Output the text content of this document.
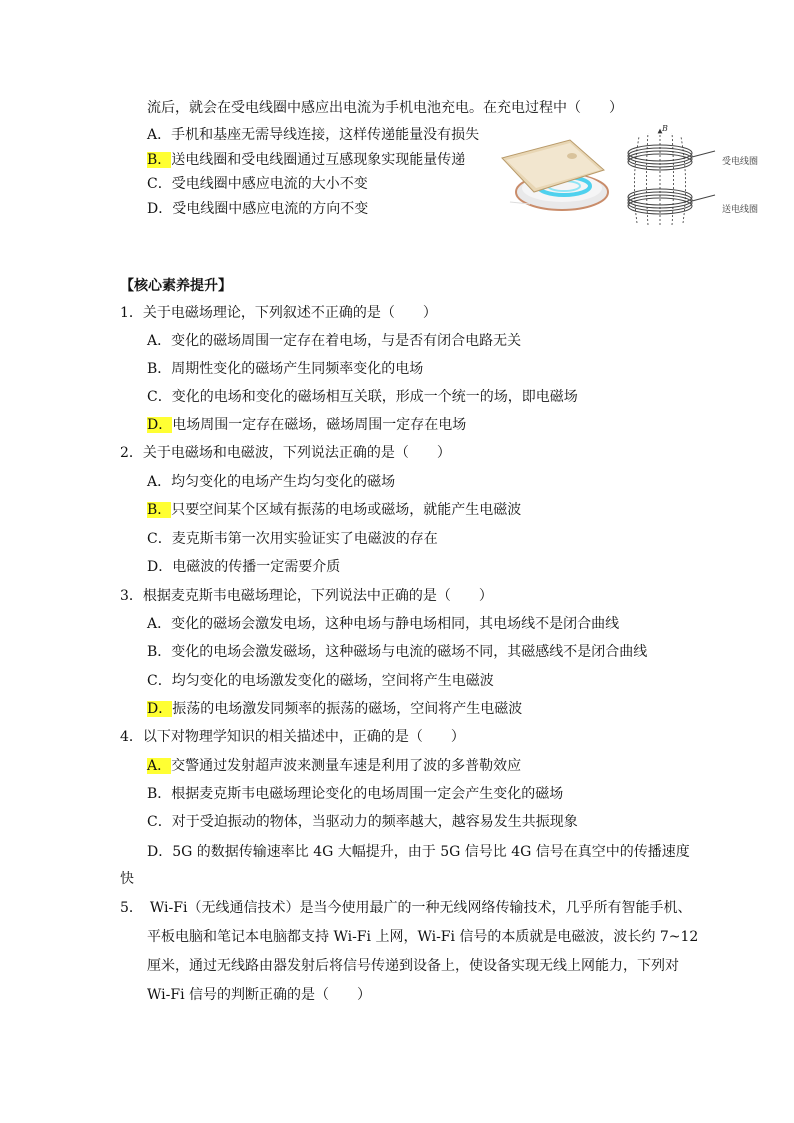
流后，就会在受电线圈中感应出电流为手机电池充电。在充电过程中（　　）
A．手机和基座无需导线连接，这样传递能量没有损失
B．送电线圈和受电线圈通过互感现象实现能量传递
C．受电线圈中感应电流的大小不变
D．受电线圈中感应电流的方向不变
B
受电线圈
送电线圈
【核心素养提升】
1．关于电磁场理论，下列叙述不正确的是（　　）
A．变化的磁场周围一定存在着电场，与是否有闭合电路无关
B．周期性变化的磁场产生同频率变化的电场
C．变化的电场和变化的磁场相互关联，形成一个统一的场，即电磁场
D．电场周围一定存在磁场，磁场周围一定存在电场
2．关于电磁场和电磁波，下列说法正确的是（　　）
A．均匀变化的电场产生均匀变化的磁场
B．只要空间某个区域有振荡的电场或磁场，就能产生电磁波
C．麦克斯韦第一次用实验证实了电磁波的存在
D．电磁波的传播一定需要介质
3．根据麦克斯韦电磁场理论，下列说法中正确的是（　　）
A．变化的磁场会激发电场，这种电场与静电场相同，其电场线不是闭合曲线
B．变化的电场会激发磁场，这种磁场与电流的磁场不同，其磁感线不是闭合曲线
C．均匀变化的电场激发变化的磁场，空间将产生电磁波
D．振荡的电场激发同频率的振荡的磁场，空间将产生电磁波
4．以下对物理学知识的相关描述中，正确的是（　　）
A．交警通过发射超声波来测量车速是利用了波的多普勒效应
B．根据麦克斯韦电磁场理论变化的电场周围一定会产生变化的磁场
C．对于受迫振动的物体，当驱动力的频率越大，越容易发生共振现象
D．5G 的数据传输速率比 4G 大幅提升，由于 5G 信号比 4G 信号在真空中的传播速度
快
5．　Wi-Fi（无线通信技术）是当今使用最广的一种无线网络传输技术，几乎所有智能手机、
平板电脑和笔记本电脑都支持 Wi-Fi 上网，Wi-Fi 信号的本质就是电磁波，波长约 7~12
厘米，通过无线路由器发射后将信号传递到设备上，使设备实现无线上网能力，下列对
Wi-Fi 信号的判断正确的是（　　）
